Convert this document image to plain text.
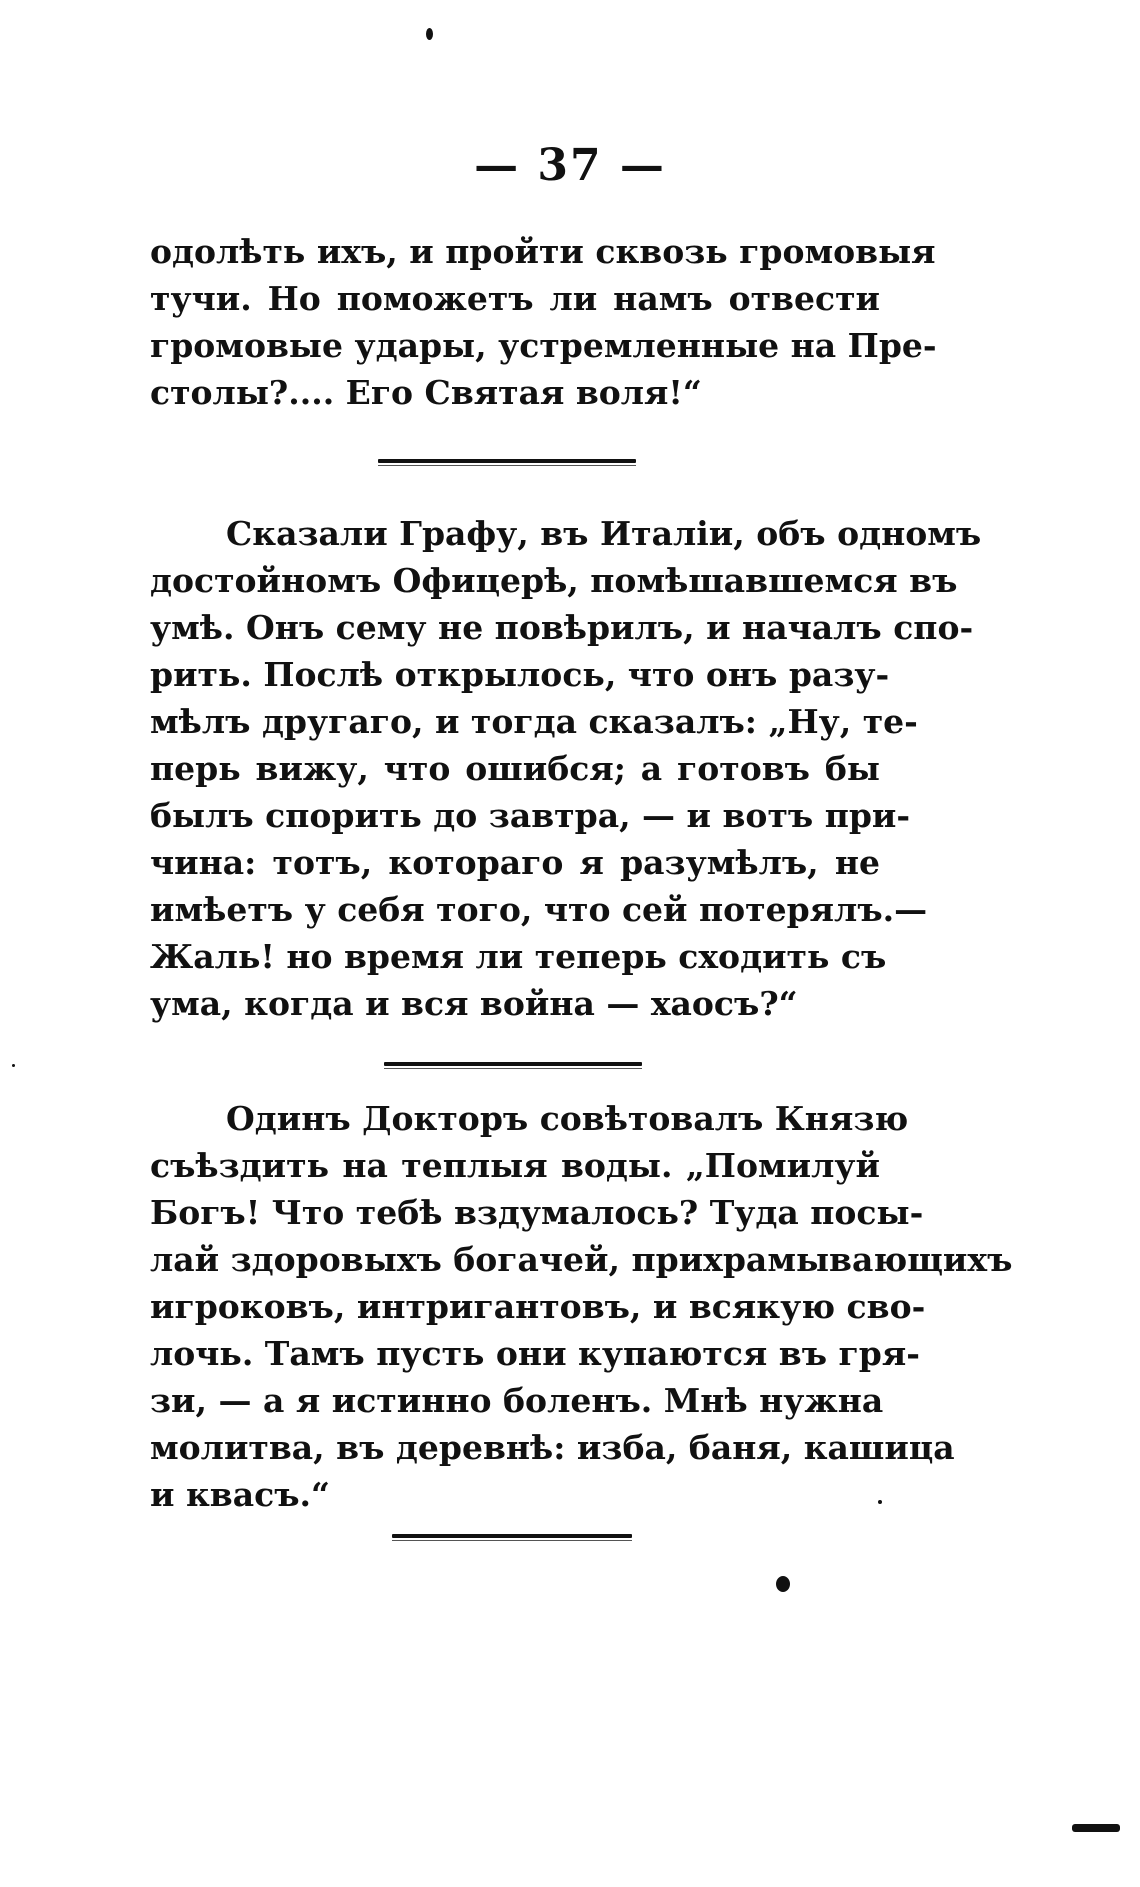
— 37 —
одолѣть ихъ, и пройти сквозь громовыя
тучи. Но поможетъ ли намъ отвести
громовые удары, устремленные на Пре-
столы?.... Его Святая воля!“
Сказали Графу, въ Италіи, объ одномъ
достойномъ Офицерѣ, помѣшавшемся въ
умѣ. Онъ сему не повѣрилъ, и началъ спо-
рить. Послѣ открылось, что онъ разу-
мѣлъ другаго, и тогда сказалъ: „Ну, те-
перь вижу, что ошибся; а готовъ бы
былъ спорить до завтра, — и вотъ при-
чина: тотъ, котораго я разумѣлъ, не
имѣетъ у себя того, что сей потерялъ.—
Жаль! но время ли теперь сходить съ
ума, когда и вся война — хаосъ?“
Одинъ Докторъ совѣтовалъ Князю
съѣздить на теплыя воды. „Помилуй
Богъ! Что тебѣ вздумалось? Туда посы-
лай здоровыхъ богачей, прихрамывающихъ
игроковъ, интригантовъ, и всякую сво-
лочь. Тамъ пусть они купаются въ гря-
зи, — а я истинно боленъ. Мнѣ нужна
молитва, въ деревнѣ: изба, баня, кашица
и квасъ.“
